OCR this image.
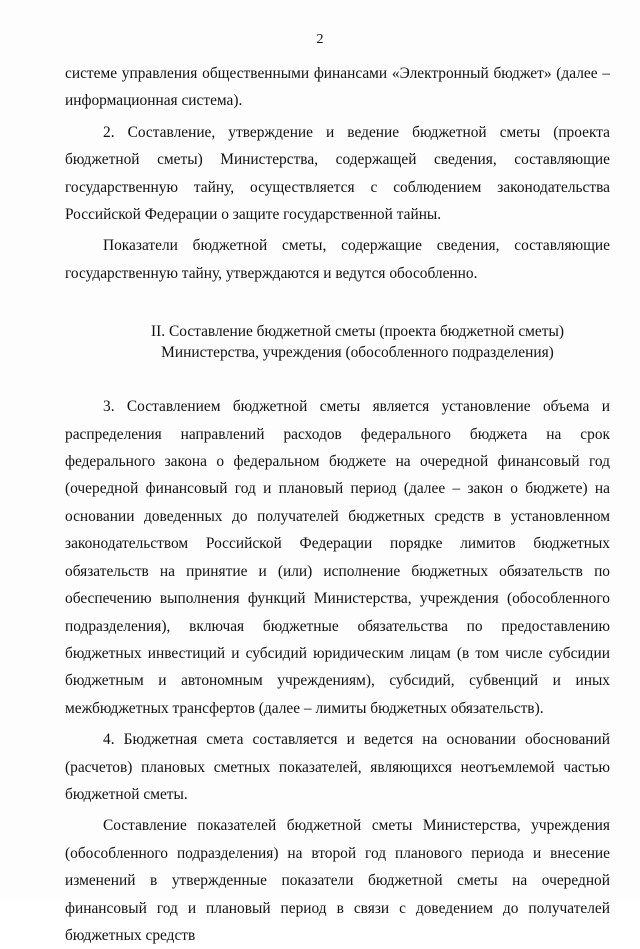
2

системе управления общественными финансами «Электронный бюджет» (далее – информационная система).

2. Составление, утверждение и ведение бюджетной сметы (проекта бюджетной сметы) Министерства, содержащей сведения, составляющие государственную тайну, осуществляется с соблюдением законодательства Российской Федерации о защите государственной тайны.

Показатели бюджетной сметы, содержащие сведения, составляющие государственную тайну, утверждаются и ведутся обособленно.

II. Составление бюджетной сметы (проекта бюджетной сметы)
Министерства, учреждения (обособленного подразделения)

3. Составлением бюджетной сметы является установление объема и распределения направлений расходов федерального бюджета на срок федерального закона о федеральном бюджете на очередной финансовый год (очередной финансовый год и плановый период (далее – закон о бюджете) на основании доведенных до получателей бюджетных средств в установленном законодательством Российской Федерации порядке лимитов бюджетных обязательств на принятие и (или) исполнение бюджетных обязательств по обеспечению выполнения функций Министерства, учреждения (обособленного подразделения), включая бюджетные обязательства по предоставлению бюджетных инвестиций и субсидий юридическим лицам (в том числе субсидии бюджетным и автономным учреждениям), субсидий, субвенций и иных межбюджетных трансфертов (далее – лимиты бюджетных обязательств).

4. Бюджетная смета составляется и ведется на основании обоснований (расчетов) плановых сметных показателей, являющихся неотъемлемой частью бюджетной сметы.

Составление показателей бюджетной сметы Министерства, учреждения (обособленного подразделения) на второй год планового периода и внесение изменений в утвержденные показатели бюджетной сметы на очередной финансовый год и плановый период в связи с доведением до получателей бюджетных средств
